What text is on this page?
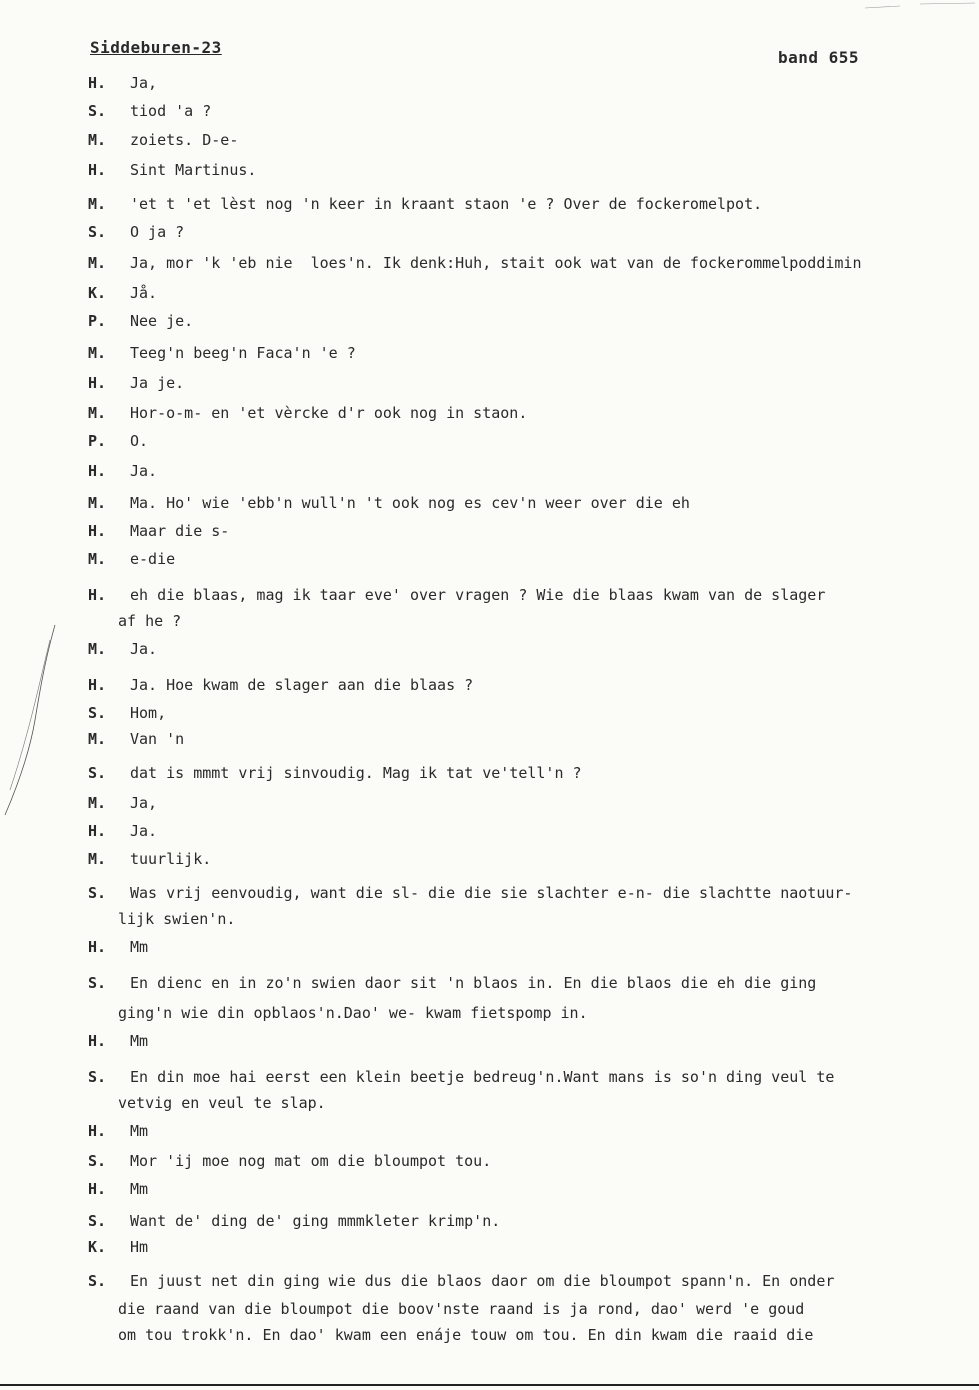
Siddeburen-23
band 655
H.	Ja,
S.	tiod 'a ?
M.	zoiets. D-e-
H.	Sint Martinus.
M.	'et t 'et lèst nog 'n keer in kraant staon 'e ? Over de fockeromelpot.
S.	O ja ?
M.	Ja, mor 'k 'eb nie  loes'n. Ik denk:Huh, stait ook wat van de fockerommelpoddimin
K.	Jå.
P.	Nee je.
M.	Teeg'n beeg'n Faca'n 'e ?
H.	Ja je.
M.	Hor-o-m- en 'et vèrcke d'r ook nog in staon.
P.	O.
H.	Ja.
M.	Ma. Ho' wie 'ebb'n wull'n 't ook nog es cev'n weer over die eh
H.	Maar die s-
M.	e-die
H.	eh die blaas, mag ik taar eve' over vragen ? Wie die blaas kwam van de slager
af he ?
M.	Ja.
H.	Ja. Hoe kwam de slager aan die blaas ?
S.	Hom,
M.	Van 'n
S.	dat is mmmt vrij sinvoudig. Mag ik tat ve'tell'n ?
M.	Ja,
H.	Ja.
M.	tuurlijk.
S.	Was vrij eenvoudig, want die sl- die die sie slachter e-n- die slachtte naotuur-
lijk swien'n.
H.	Mm
S.	En dienc en in zo'n swien daor sit 'n blaos in. En die blaos die eh die ging
ging'n wie din opblaos'n.Dao' we- kwam fietspomp in.
H.	Mm
S.	En din moe hai eerst een klein beetje bedreug'n.Want mans is so'n ding veul te
vetvig en veul te slap.
H.	Mm
S.	Mor 'ij moe nog mat om die bloumpot tou.
H.	Mm
S.	Want de' ding de' ging mmmkleter krimp'n.
K.	Hm
S.	En juust net din ging wie dus die blaos daor om die bloumpot spann'n. En onder
die raand van die bloumpot die boov'nste raand is ja rond, dao' werd 'e goud
om tou trokk'n. En dao' kwam een enáje touw om tou. En din kwam die raaid die
